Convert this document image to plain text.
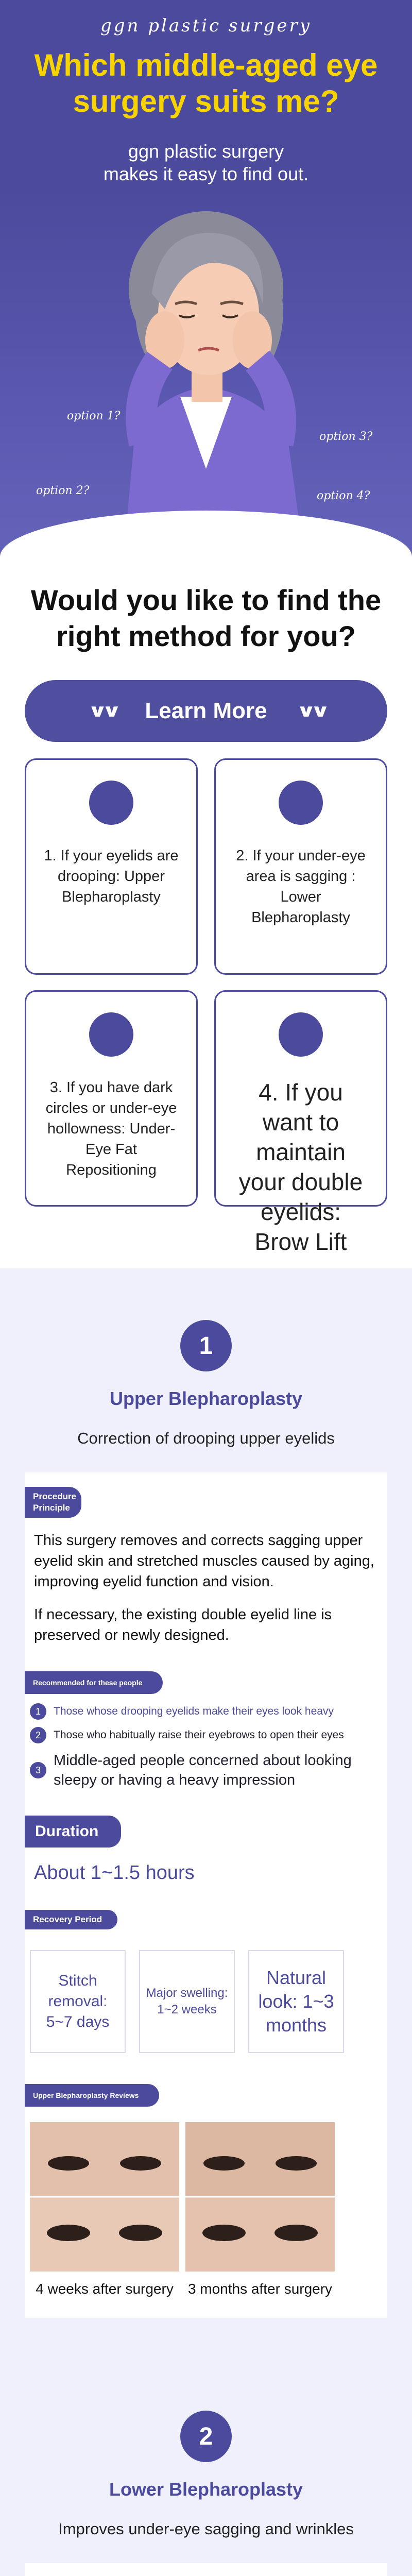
ggn plastic surgery
Which middle-aged eye surgery suits me?
ggn plastic surgery
makes it easy to find out.
option 1?
option 2?
option 3?
option 4?
Would you like to find the right method for you?
∨∨ Learn More ∨∨
1. If your eyelids are drooping: Upper Blepharoplasty
2. If your under-eye area is sagging : Lower Blepharoplasty
3. If you have dark circles or under-eye hollowness: Under-Eye Fat Repositioning
4. If you want to maintain your double eyelids: Brow Lift
1
Upper Blepharoplasty
Correction of drooping upper eyelids
Procedure Principle
This surgery removes and corrects sagging upper eyelid skin and stretched muscles caused by aging, improving eyelid function and vision.
If necessary, the existing double eyelid line is preserved or newly designed.
Recommended for these people
1	Those whose drooping eyelids make their eyes look heavy
2	Those who habitually raise their eyebrows to open their eyes
3
Middle-aged people concerned about looking sleepy or having a heavy impression
Duration
About 1~1.5 hours
Recovery Period
Stitch removal: 5~7 days
Major swelling: 1~2 weeks
Natural look: 1~3 months
Upper Blepharoplasty Reviews
4 weeks after surgery	3 months after surgery
2
Lower Blepharoplasty
Improves under-eye sagging and wrinkles
